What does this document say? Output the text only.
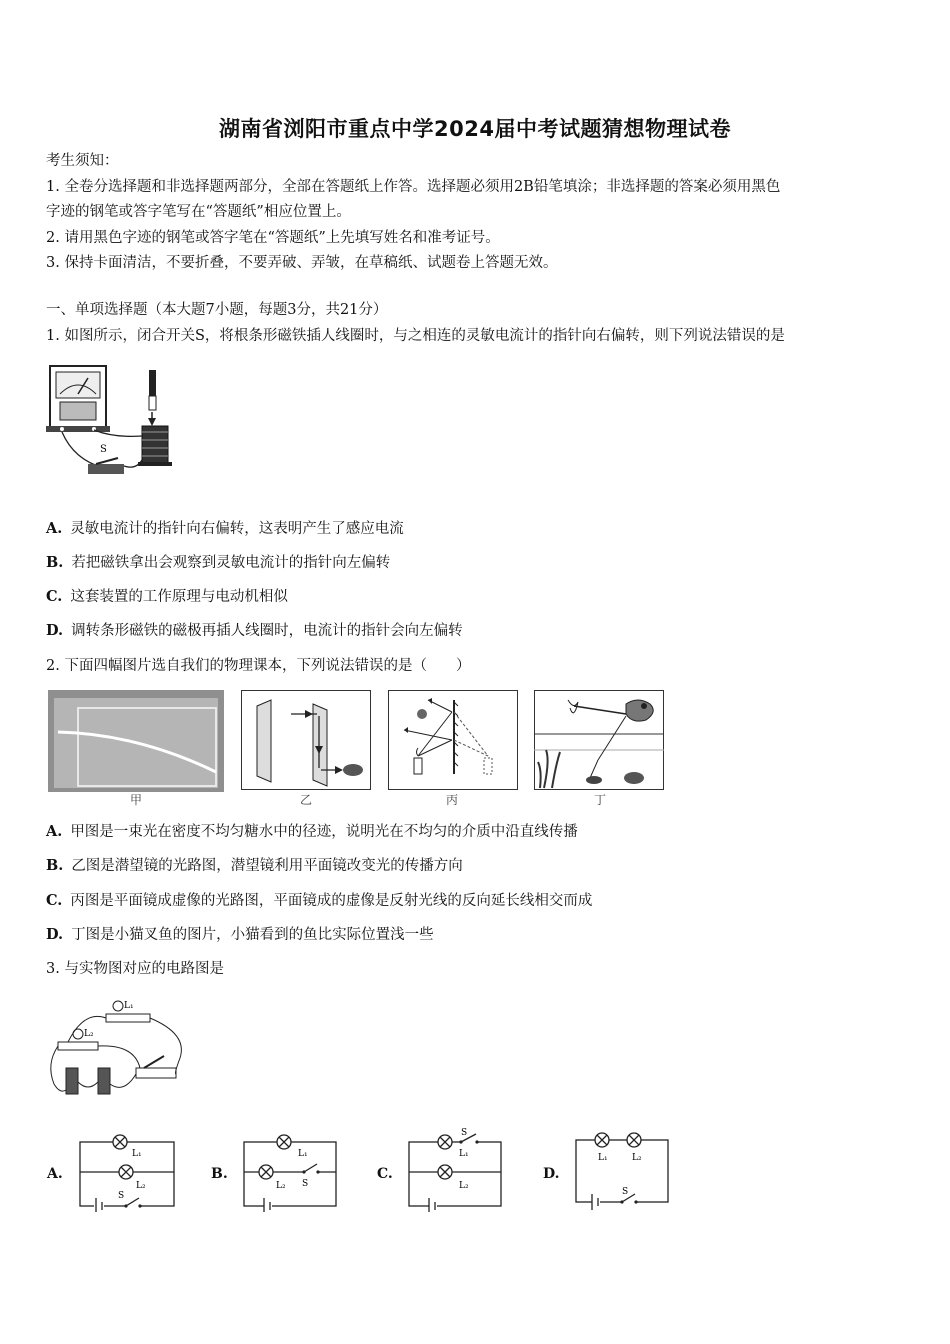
湖南省浏阳市重点中学2024届中考试题猜想物理试卷
考生须知：
1. 全卷分选择题和非选择题两部分，全部在答题纸上作答。选择题必须用2B铅笔填涂；非选择题的答案必须用黑色
字迹的钢笔或答字笔写在“答题纸”相应位置上。
2. 请用黑色字迹的钢笔或答字笔在“答题纸”上先填写姓名和准考证号。
3. 保持卡面清洁，不要折叠，不要弄破、弄皱，在草稿纸、试题卷上答题无效。
一、单项选择题（本大题7小题，每题3分，共21分）
1. 如图所示，闭合开关S，将根条形磁铁插人线圈时，与之相连的灵敏电流计的指针向右偏转，则下列说法错误的是
S
A. 灵敏电流计的指针向右偏转，这表明产生了感应电流
B. 若把磁铁拿出会观察到灵敏电流计的指针向左偏转
C. 这套装置的工作原理与电动机相似
D. 调转条形磁铁的磁极再插人线圈时，电流计的指针会向左偏转
2. 下面四幅图片选自我们的物理课本，下列说法错误的是（　　）
甲	乙	丙	丁
A. 甲图是一束光在密度不均匀糖水中的径迹，说明光在不均匀的介质中沿直线传播
B. 乙图是潜望镜的光路图，潜望镜利用平面镜改变光的传播方向
C. 丙图是平面镜成虚像的光路图，平面镜成的虚像是反射光线的反向延长线相交而成
D. 丁图是小猫叉鱼的图片，小猫看到的鱼比实际位置浅一些
3. 与实物图对应的电路图是
L₁
L₂
A.
L₁
L₂
S
B.
L₁
L₂ S
C.
S
L₁
L₂
D.
L₁	L₂
S
